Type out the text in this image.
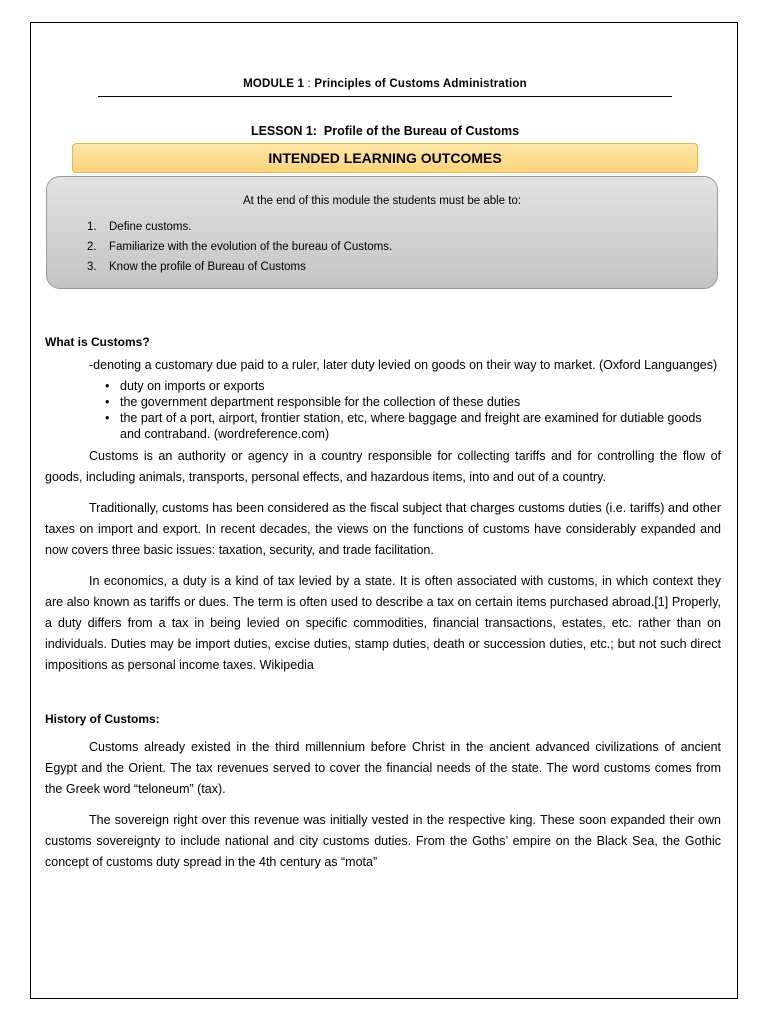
MODULE 1 : Principles of Customs Administration
LESSON 1:  Profile of the Bureau of Customs
INTENDED LEARNING OUTCOMES
At the end of this module the students must be able to:
1. Define customs.
2. Familiarize with the evolution of the bureau of Customs.
3. Know the profile of Bureau of Customs
What is Customs?

-denoting a customary due paid to a ruler, later duty levied on goods on their way to market. (Oxford Languanges)

• duty on imports or exports
• the government department responsible for the collection of these duties
• the part of a port, airport, frontier station, etc, where baggage and freight are examined for dutiable goods and contraband. (wordreference.com)

Customs is an authority or agency in a country responsible for collecting tariffs and for controlling the flow of goods, including animals, transports, personal effects, and hazardous items, into and out of a country.

Traditionally, customs has been considered as the fiscal subject that charges customs duties (i.e. tariffs) and other taxes on import and export. In recent decades, the views on the functions of customs have considerably expanded and now covers three basic issues: taxation, security, and trade facilitation.

In economics, a duty is a kind of tax levied by a state. It is often associated with customs, in which context they are also known as tariffs or dues. The term is often used to describe a tax on certain items purchased abroad.[1] Properly, a duty differs from a tax in being levied on specific commodities, financial transactions, estates, etc. rather than on individuals. Duties may be import duties, excise duties, stamp duties, death or succession duties, etc.; but not such direct impositions as personal income taxes. Wikipedia

History of Customs:

Customs already existed in the third millennium before Christ in the ancient advanced civilizations of ancient Egypt and the Orient. The tax revenues served to cover the financial needs of the state. The word customs comes from the Greek word “teloneum” (tax).

The sovereign right over this revenue was initially vested in the respective king. These soon expanded their own customs sovereignty to include national and city customs duties. From the Goths’ empire on the Black Sea, the Gothic concept of customs duty spread in the 4th century as “mota”
